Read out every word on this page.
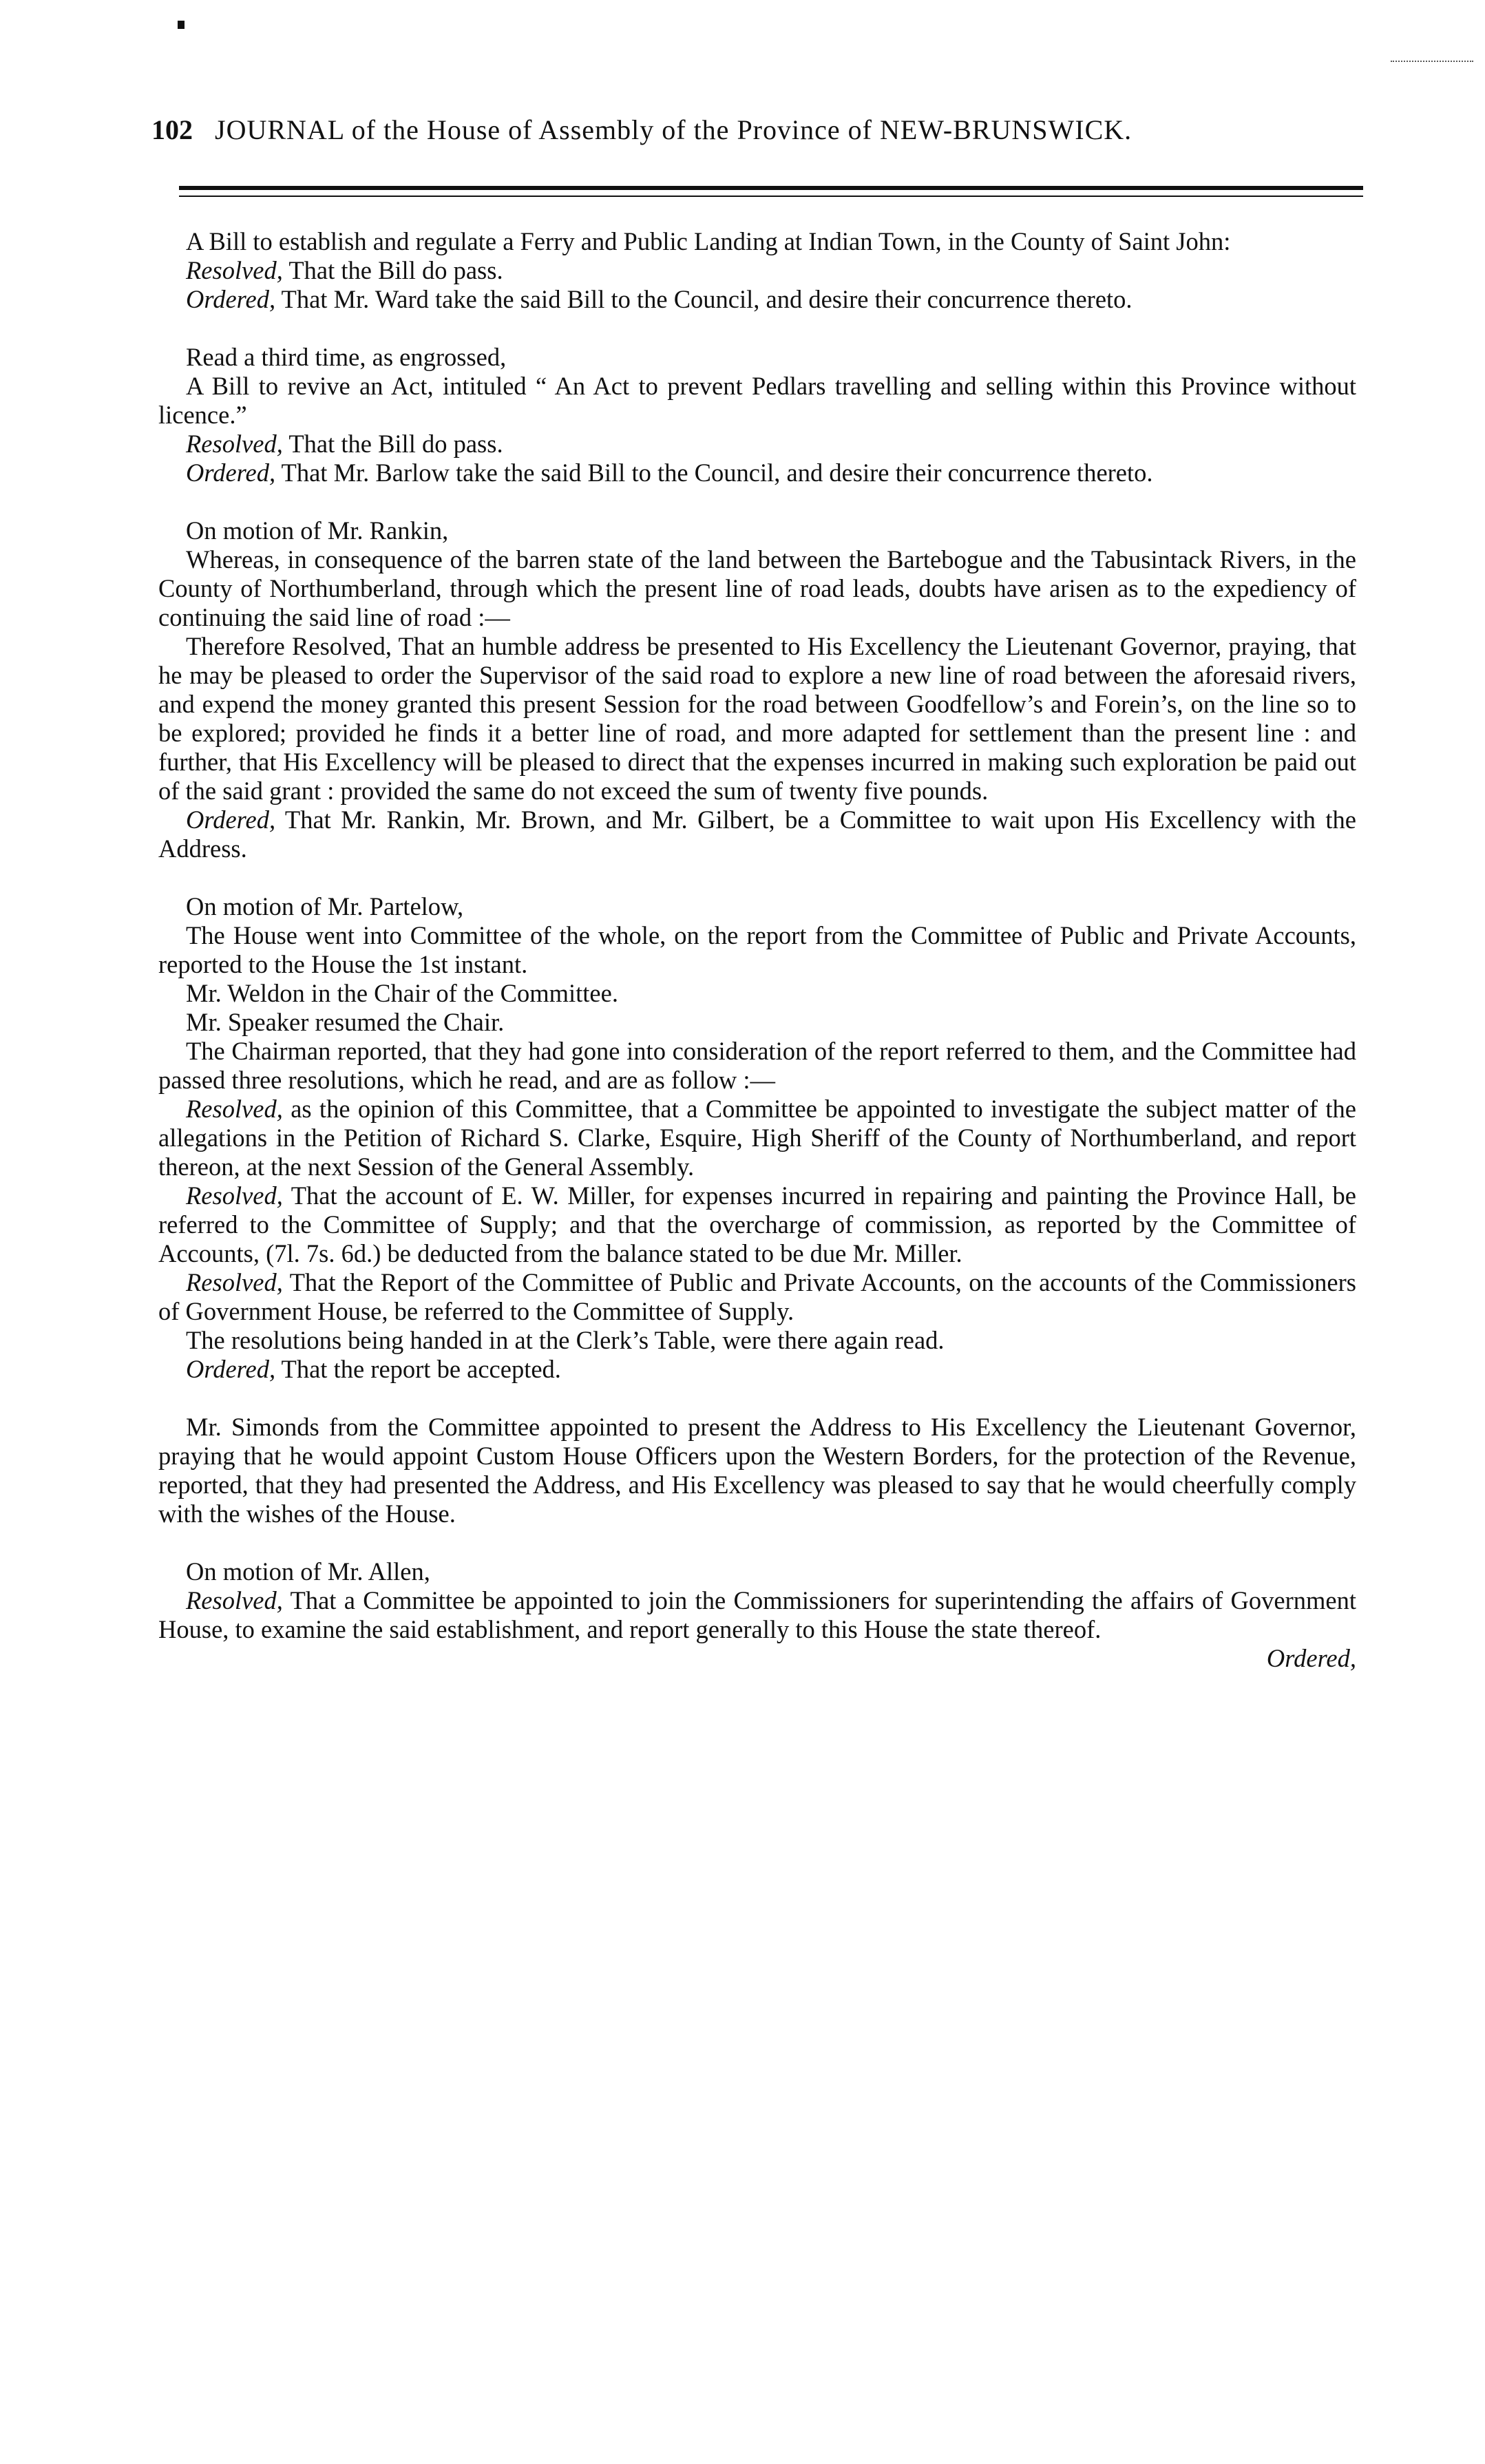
102 JOURNAL of the House of Assembly of the Province of NEW-BRUNSWICK.

A Bill to establish and regulate a Ferry and Public Landing at Indian Town, in the County of Saint John:

Resolved, That the Bill do pass.

Ordered, That Mr. Ward take the said Bill to the Council, and desire their concurrence thereto.

Read a third time, as engrossed,

A Bill to revive an Act, intituled “ An Act to prevent Pedlars travelling and selling within this Province without licence.”

Resolved, That the Bill do pass.

Ordered, That Mr. Barlow take the said Bill to the Council, and desire their concurrence thereto.

On motion of Mr. Rankin,

Whereas, in consequence of the barren state of the land between the Bartebogue and the Tabusintack Rivers, in the County of Northumberland, through which the present line of road leads, doubts have arisen as to the expediency of continuing the said line of road :—

Therefore Resolved, That an humble address be presented to His Excellency the Lieutenant Governor, praying, that he may be pleased to order the Supervisor of the said road to explore a new line of road between the aforesaid rivers, and expend the money granted this present Session for the road between Goodfellow’s and Forein’s, on the line so to be explored; provided he finds it a better line of road, and more adapted for settlement than the present line : and further, that His Excellency will be pleased to direct that the expenses incurred in making such exploration be paid out of the said grant : provided the same do not exceed the sum of twenty five pounds.

Ordered, That Mr. Rankin, Mr. Brown, and Mr. Gilbert, be a Committee to wait upon His Excellency with the Address.

On motion of Mr. Partelow,

The House went into Committee of the whole, on the report from the Committee of Public and Private Accounts, reported to the House the 1st instant.

Mr. Weldon in the Chair of the Committee.

Mr. Speaker resumed the Chair.

The Chairman reported, that they had gone into consideration of the report referred to them, and the Committee had passed three resolutions, which he read, and are as follow :—

Resolved, as the opinion of this Committee, that a Committee be appointed to investigate the subject matter of the allegations in the Petition of Richard S. Clarke, Esquire, High Sheriff of the County of Northumberland, and report thereon, at the next Session of the General Assembly.

Resolved, That the account of E. W. Miller, for expenses incurred in repairing and painting the Province Hall, be referred to the Committee of Supply; and that the overcharge of commission, as reported by the Committee of Accounts, (7l. 7s. 6d.) be deducted from the balance stated to be due Mr. Miller.

Resolved, That the Report of the Committee of Public and Private Accounts, on the accounts of the Commissioners of Government House, be referred to the Committee of Supply.

The resolutions being handed in at the Clerk’s Table, were there again read.

Ordered, That the report be accepted.

Mr. Simonds from the Committee appointed to present the Address to His Excellency the Lieutenant Governor, praying that he would appoint Custom House Officers upon the Western Borders, for the protection of the Revenue, reported, that they had presented the Address, and His Excellency was pleased to say that he would cheerfully comply with the wishes of the House.

On motion of Mr. Allen,

Resolved, That a Committee be appointed to join the Commissioners for superintending the affairs of Government House, to examine the said establishment, and report generally to this House the state thereof.

Ordered,
